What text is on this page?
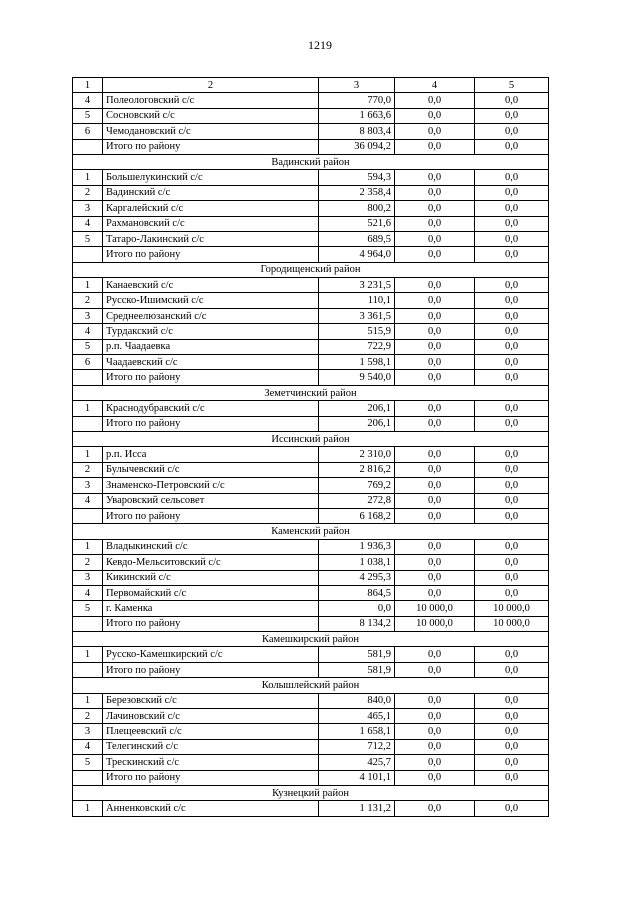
1219
1	2	3	4	5
4	Полеологовский с/с	770,0	0,0	0,0
5	Сосновский с/с	1 663,6	0,0	0,0
6	Чемодановский с/с	8 803,4	0,0	0,0
	Итого по району	36 094,2	0,0	0,0
Вадинский район				
1	Большелукинский с/с	594,3	0,0	0,0
2	Вадинский с/с	2 358,4	0,0	0,0
3	Каргалейский с/с	800,2	0,0	0,0
4	Рахмановский с/с	521,6	0,0	0,0
5	Татаро-Лакинский с/с	689,5	0,0	0,0
	Итого по району	4 964,0	0,0	0,0
Городищенский район				
1	Канаевский с/с	3 231,5	0,0	0,0
2	Русско-Ишимский с/с	110,1	0,0	0,0
3	Среднеелюзанский с/с	3 361,5	0,0	0,0
4	Турдакский с/с	515,9	0,0	0,0
5	р.п. Чаадаевка	722,9	0,0	0,0
6	Чаадаевский с/с	1 598,1	0,0	0,0
	Итого по району	9 540,0	0,0	0,0
Земетчинский район				
1	Краснодубравский с/с	206,1	0,0	0,0
	Итого по району	206,1	0,0	0,0
Иссинский район				
1	р.п. Исса	2 310,0	0,0	0,0
2	Булычевский с/с	2 816,2	0,0	0,0
3	Знаменско-Петровский с/с	769,2	0,0	0,0
4	Уваровский сельсовет	272,8	0,0	0,0
	Итого по району	6 168,2	0,0	0,0
Каменский район				
1	Владыкинский с/с	1 936,3	0,0	0,0
2	Кевдо-Мельситовский с/с	1 038,1	0,0	0,0
3	Кикинский с/с	4 295,3	0,0	0,0
4	Первомайский с/с	864,5	0,0	0,0
5	г. Каменка	0,0	10 000,0	10 000,0
	Итого по району	8 134,2	10 000,0	10 000,0
Камешкирский район				
1	Русско-Камешкирский с/с	581,9	0,0	0,0
	Итого по району	581,9	0,0	0,0
Колышлейский район				
1	Березовский с/с	840,0	0,0	0,0
2	Лачиновский с/с	465,1	0,0	0,0
3	Плещеевский с/с	1 658,1	0,0	0,0
4	Телегинский с/с	712,2	0,0	0,0
5	Трескинский с/с	425,7	0,0	0,0
	Итого по району	4 101,1	0,0	0,0
Кузнецкий район				
1	Анненковский с/с	1 131,2	0,0	0,0
